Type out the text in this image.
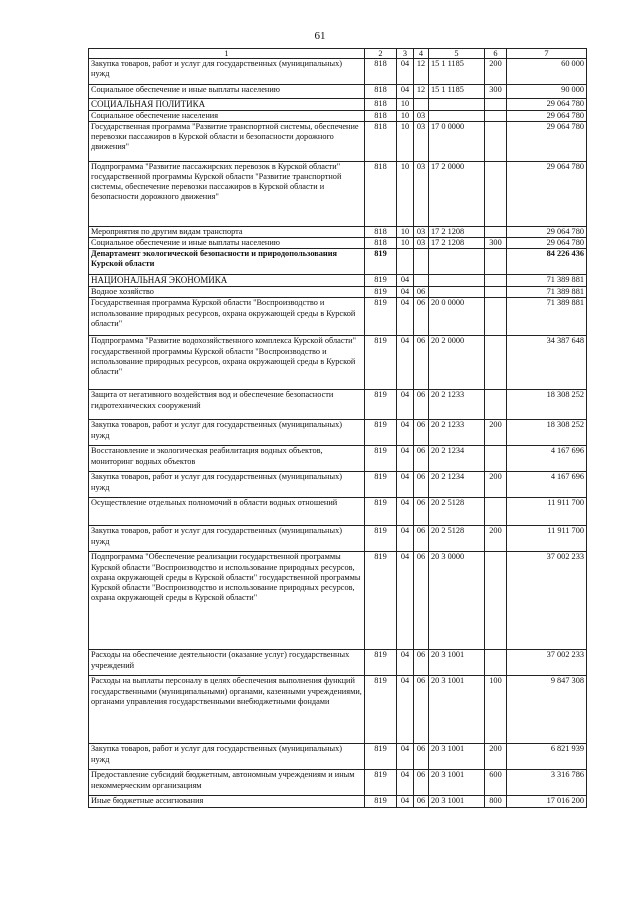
61
1	2	3	4	5	6	7
Закупка товаров, работ и услуг для государственных (муниципальных) нужд	818	04	12	15 1 1185	200	60 000
Социальное обеспечение и иные выплаты населению	818	04	12	15 1 1185	300	90 000
СОЦИАЛЬНАЯ ПОЛИТИКА	818	10				29 064 780
Социальное обеспечение населения	818	10	03			29 064 780
Государственная программа "Развитие транспортной системы, обеспечение перевозки пассажиров в Курской области и безопасности дорожного движения"	818	10	03	17 0 0000		29 064 780
Подпрограмма "Развитие пассажирских перевозок в Курской области" государственной программы Курской области "Развитие транспортной системы, обеспечение перевозки пассажиров в Курской области и безопасности дорожного движения"	818	10	03	17 2 0000		29 064 780
Мероприятия по другим видам транспорта	818	10	03	17 2 1208		29 064 780
Социальное обеспечение и иные выплаты населению	818	10	03	17 2 1208	300	29 064 780
Департамент экологической безопасности и природопользования Курской области	819					84 226 436
НАЦИОНАЛЬНАЯ ЭКОНОМИКА	819	04				71 389 881
Водное хозяйство	819	04	06			71 389 881
Государственная программа Курской области "Воспроизводство и использование природных ресурсов, охрана окружающей среды в Курской области"	819	04	06	20 0 0000		71 389 881
Подпрограмма "Развитие водохозяйственного комплекса Курской области" государственной программы Курской области "Воспроизводство и использование природных ресурсов, охрана окружающей среды в Курской области"	819	04	06	20 2 0000		34 387 648
Защита от негативного воздействия вод и обеспечение безопасности гидротехнических сооружений	819	04	06	20 2 1233		18 308 252
Закупка товаров, работ и услуг для государственных (муниципальных) нужд	819	04	06	20 2 1233	200	18 308 252
Восстановление и экологическая реабилитация водных объектов, мониторинг водных объектов	819	04	06	20 2 1234		4 167 696
Закупка товаров, работ и услуг для государственных (муниципальных) нужд	819	04	06	20 2 1234	200	4 167 696
Осуществление отдельных полномочий в области водных отношений	819	04	06	20 2 5128		11 911 700
Закупка товаров, работ и услуг для государственных (муниципальных) нужд	819	04	06	20 2 5128	200	11 911 700
Подпрограмма "Обеспечение реализации государственной программы Курской области "Воспроизводство и использование природных ресурсов, охрана окружающей среды в Курской области" государственной программы Курской области "Воспроизводство и использование природных ресурсов, охрана окружающей среды в Курской области"	819	04	06	20 3 0000		37 002 233
Расходы на обеспечение деятельности (оказание услуг) государственных учреждений	819	04	06	20 3 1001		37 002 233
Расходы на выплаты персоналу в целях обеспечения выполнения функций государственными (муниципальными) органами, казенными учреждениями, органами управления государственными внебюджетными фондами	819	04	06	20 3 1001	100	9 847 308
Закупка товаров, работ и услуг для государственных (муниципальных) нужд	819	04	06	20 3 1001	200	6 821 939
Предоставление субсидий бюджетным, автономным учреждениям и иным некоммерческим организациям	819	04	06	20 3 1001	600	3 316 786
Иные бюджетные ассигнования	819	04	06	20 3 1001	800	17 016 200
